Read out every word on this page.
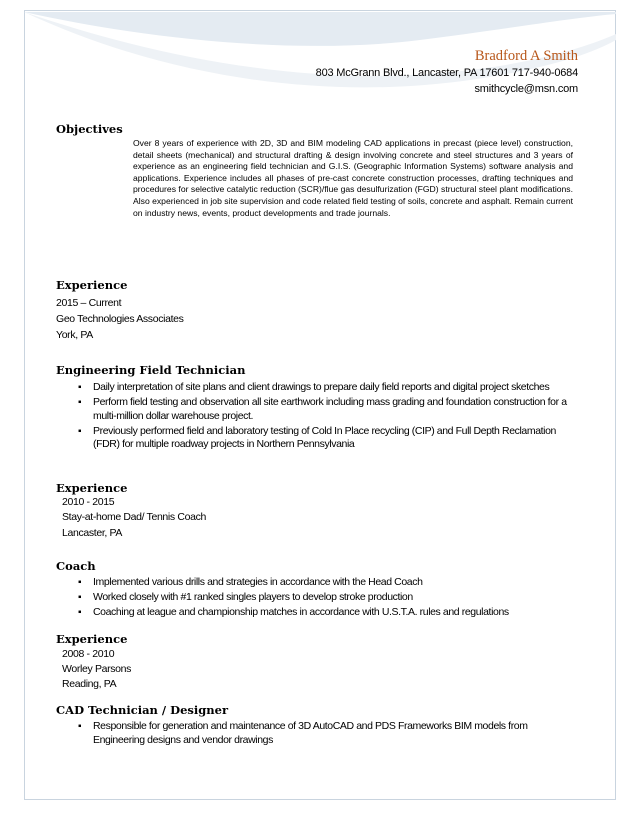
Bradford A Smith
803 McGrann Blvd., Lancaster, PA 17601 717-940-0684
smithcycle@msn.com
Objectives
Over 8 years of experience with 2D, 3D and BIM modeling CAD applications in precast (piece level) construction, detail sheets (mechanical) and structural drafting & design involving concrete and steel structures and 3 years of experience as an engineering field technician and G.I.S. (Geographic Information Systems) software analysis and applications. Experience includes all phases of pre-cast concrete construction processes, drafting techniques and procedures for selective catalytic reduction (SCR)/flue gas desulfurization (FGD) structural steel plant modifications. Also experienced in job site supervision and code related field testing of soils, concrete and asphalt. Remain current on industry news, events, product developments and trade journals.
Experience
2015 – Current
Geo Technologies Associates
York, PA
Engineering Field Technician
▪ Daily interpretation of site plans and client drawings to prepare daily field reports and digital project sketches
▪ Perform field testing and observation all site earthwork including mass grading and foundation construction for a multi-million dollar warehouse project.
▪ Previously performed field and laboratory testing of Cold In Place recycling (CIP) and Full Depth Reclamation (FDR) for multiple roadway projects in Northern Pennsylvania
Experience
2010 - 2015
Stay-at-home Dad/ Tennis Coach
Lancaster, PA
Coach
▪ Implemented various drills and strategies in accordance with the Head Coach
▪ Worked closely with #1 ranked singles players to develop stroke production
▪ Coaching at league and championship matches in accordance with U.S.T.A. rules and regulations
Experience
2008 - 2010
Worley Parsons
Reading, PA
CAD Technician / Designer
▪ Responsible for generation and maintenance of 3D AutoCAD and PDS Frameworks BIM models from Engineering designs and vendor drawings
